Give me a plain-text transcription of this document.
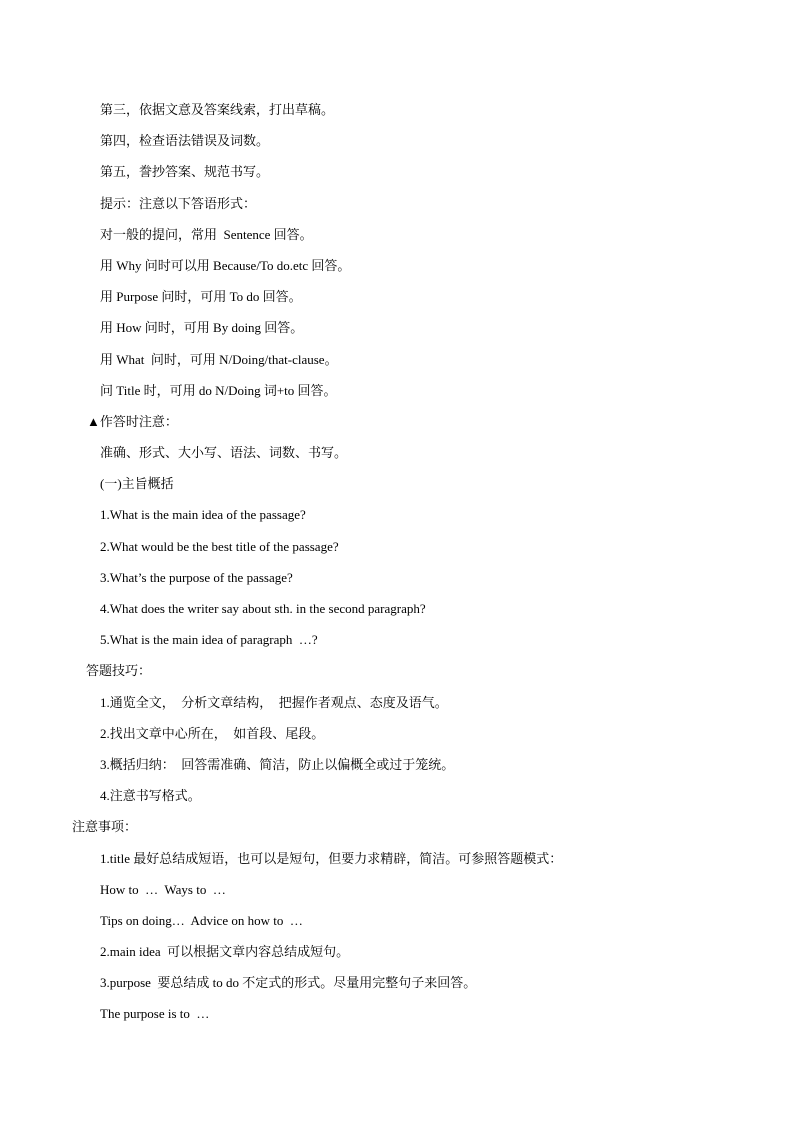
第三，依据文意及答案线索，打出草稿。

第四，检查语法错误及词数。

第五，誊抄答案、规范书写。

提示：注意以下答语形式：

对一般的提问，常用  Sentence 回答。

用 Why 问时可以用 Because/To do.etc 回答。

用 Purpose 问时，可用 To do 回答。

用 How 问时，可用 By doing 回答。

用 What  问时，可用 N/Doing/that-clause。

问 Title 时，可用 do N/Doing 词+to 回答。

▲作答时注意：

准确、形式、大小写、语法、词数、书写。

(一)主旨概括

1.What is the main idea of the passage?

2.What would be the best title of the passage?

3.What’s the purpose of the passage?

4.What does the writer say about sth. in the second paragraph?

5.What is the main idea of paragraph  …?

答题技巧：

1.通览全文，  分析文章结构，  把握作者观点、态度及语气。

2.找出文章中心所在，  如首段、尾段。

3.概括归纳：  回答需准确、简洁，防止以偏概全或过于笼统。

4.注意书写格式。

注意事项：

1.title 最好总结成短语，也可以是短句，但要力求精辟，简洁。可参照答题模式：

How to  …  Ways to  …

Tips on doing…  Advice on how to  …

2.main idea  可以根据文章内容总结成短句。

3.purpose  要总结成 to do 不定式的形式。尽量用完整句子来回答。

The purpose is to  …
